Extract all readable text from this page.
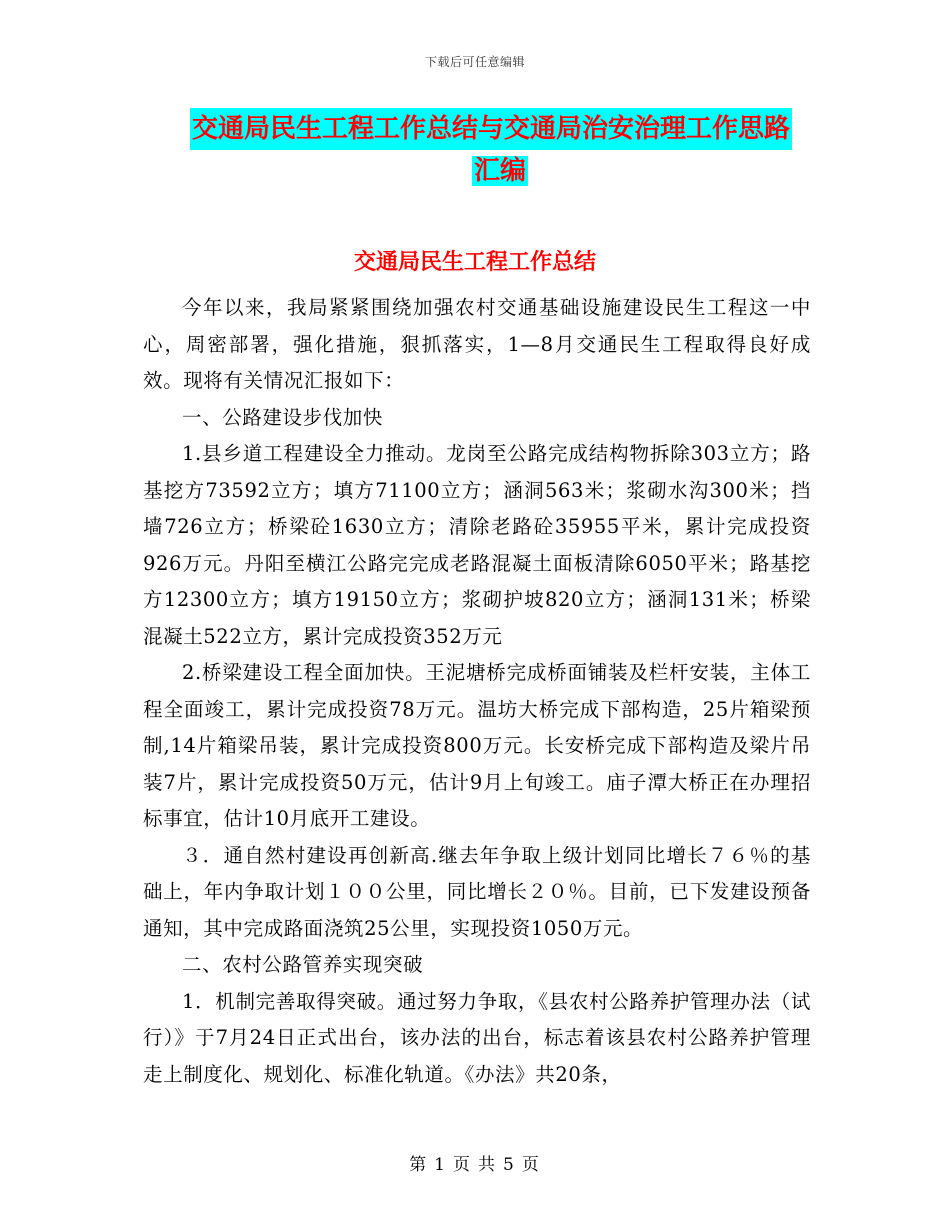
下载后可任意编辑
交通局民生工程工作总结与交通局治安治理工作思路
汇编
交通局民生工程工作总结

今年以来，我局紧紧围绕加强农村交通基础设施建设民生工程这一中心，周密部署，强化措施，狠抓落实，1—8月交通民生工程取得良好成效。现将有关情况汇报如下：

一、公路建设步伐加快

1.县乡道工程建设全力推动。龙岗至公路完成结构物拆除303立方；路基挖方73592立方；填方71100立方；涵洞563米；浆砌水沟300米；挡墙726立方；桥梁砼1630立方；清除老路砼35955平米，累计完成投资926万元。丹阳至横江公路完完成老路混凝土面板清除6050平米；路基挖方12300立方；填方19150立方；浆砌护坡820立方；涵洞131米；桥梁混凝土522立方，累计完成投资352万元

2.桥梁建设工程全面加快。王泥塘桥完成桥面铺装及栏杆安装，主体工程全面竣工，累计完成投资78万元。温坊大桥完成下部构造，25片箱梁预制,14片箱梁吊装，累计完成投资800万元。长安桥完成下部构造及梁片吊装7片，累计完成投资50万元，估计9月上旬竣工。庙子潭大桥正在办理招标事宜，估计10月底开工建设。

３．通自然村建设再创新高.继去年争取上级计划同比增长７６％的基础上，年内争取计划１００公里，同比增长２０％。目前，已下发建设预备通知，其中完成路面浇筑25公里，实现投资1050万元。

二、农村公路管养实现突破

1．机制完善取得突破。通过努力争取，《县农村公路养护管理办法（试行）》于7月24日正式出台，该办法的出台，标志着该县农村公路养护管理走上制度化、规划化、标准化轨道。《办法》共20条，

第 1 页 共 5 页
